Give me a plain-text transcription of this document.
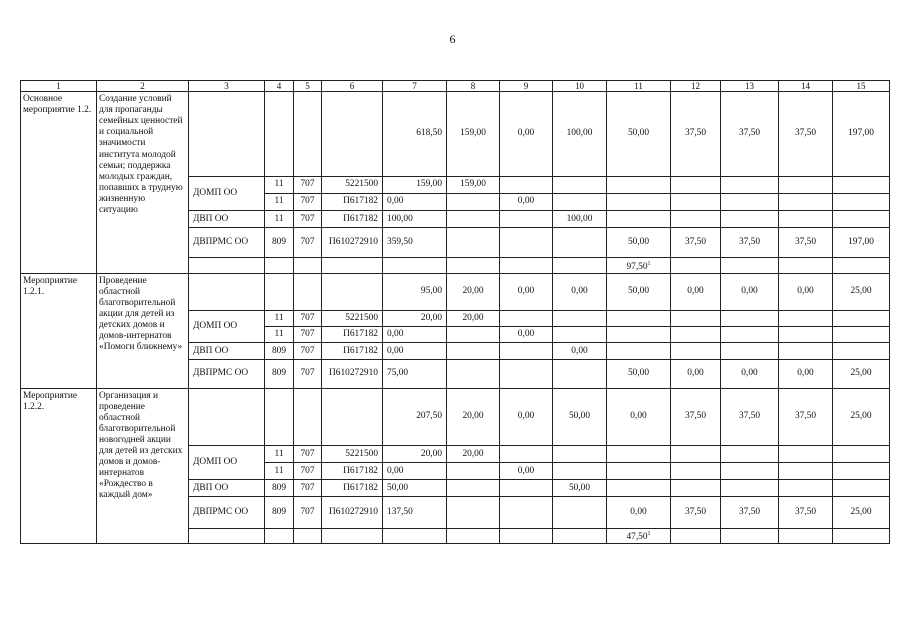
6
1	2	3	4	5	6	7	8	9	10	11	12	13	14	15
Основное мероприятие 1.2.	Создание условий для пропаганды семейных ценностей и социальной значимости института молодой семьи; поддержка молодых граждан, попавших в трудную жизненную ситуацию					618,50	159,00	0,00	100,00	50,00	37,50	37,50	37,50	197,00
		ДОМП ОО	11	707	5221500	159,00	159,00							
			11	707	П617182	0,00		0,00						
		ДВП ОО	11	707	П617182	100,00			100,00					
		ДВПРМС ОО	809	707	П610272910	359,50				50,00	37,50	37,50	37,50	197,00
										97,50$^1$				
Мероприятие 1.2.1.	Проведение областной благотворительной акции для детей из детских домов и домов-интернатов «Помоги ближнему»					95,00	20,00	0,00	0,00	50,00	0,00	0,00	0,00	25,00
		ДОМП ОО	11	707	5221500	20,00	20,00							
			11	707	П617182	0,00		0,00						
		ДВП ОО	809	707	П617182	0,00			0,00					
		ДВПРМС ОО	809	707	П610272910	75,00				50,00	0,00	0,00	0,00	25,00
Мероприятие 1.2.2.	Организация и проведение областной благотворительной новогодней акции для детей из детских домов и домов-интернатов «Рождество в каждый дом»					207,50	20,00	0,00	50,00	0,00	37,50	37,50	37,50	25,00
		ДОМП ОО	11	707	5221500	20,00	20,00							
			11	707	П617182	0,00		0,00						
		ДВП ОО	809	707	П617182	50,00			50,00					
		ДВПРМС ОО	809	707	П610272910	137,50				0,00	37,50	37,50	37,50	25,00
										47,50$^1$				
